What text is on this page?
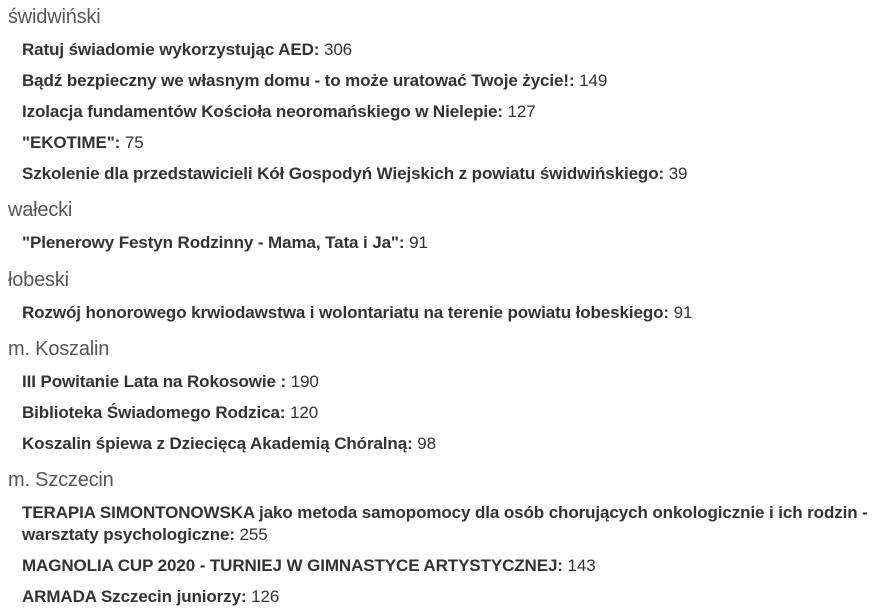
świdwiński

Ratuj świadomie wykorzystując AED: 306

Bądź bezpieczny we własnym domu - to może uratować Twoje życie!: 149

Izolacja fundamentów Kościoła neoromańskiego w Nielepie: 127

"EKOTIME": 75

Szkolenie dla przedstawicieli Kół Gospodyń Wiejskich z powiatu świdwińskiego: 39

wałecki

"Plenerowy Festyn Rodzinny - Mama, Tata i Ja": 91

łobeski

Rozwój honorowego krwiodawstwa i wolontariatu na terenie powiatu łobeskiego: 91

m. Koszalin

III Powitanie Lata na Rokosowie : 190

Biblioteka Świadomego Rodzica: 120

Koszalin śpiewa z Dziecięcą Akademią Chóralną: 98

m. Szczecin

TERAPIA SIMONTONOWSKA jako metoda samopomocy dla osób chorujących onkologicznie i ich rodzin - warsztaty psychologiczne: 255

MAGNOLIA CUP 2020 - TURNIEJ W GIMNASTYCE ARTYSTYCZNEJ: 143

ARMADA Szczecin juniorzy: 126
